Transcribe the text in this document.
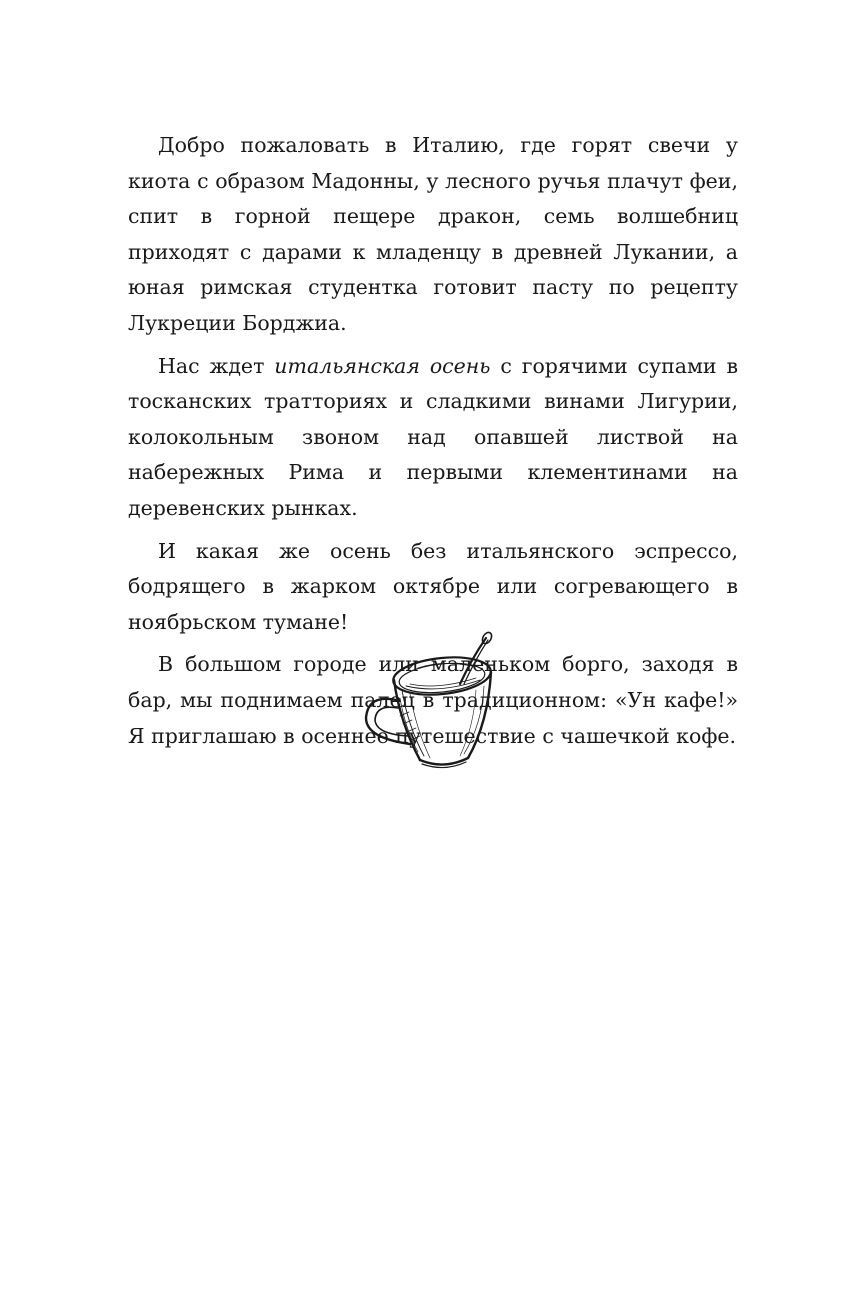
Добро пожаловать в Италию, где горят свечи у киота с образом Мадонны, у лесного ручья плачут феи, спит в горной пещере дракон, семь волшебниц приходят с дарами к младенцу в древней Лукании, а юная римская студентка готовит пасту по рецепту Лукреции Борджиа.

Нас ждет итальянская осень с горячими супами в тосканских тратториях и сладкими винами Лигурии, колокольным звоном над опавшей листвой на набережных Рима и первыми клементинами на деревенских рынках.

И какая же осень без итальянского эспрессо, бодрящего в жарком октябре или согревающего в ноябрьском тумане!

В большом городе или маленьком борго, заходя в бар, мы поднимаем палец в традиционном: «Ун кафе!» Я приглашаю в осеннее путешествие с чашечкой кофе.
